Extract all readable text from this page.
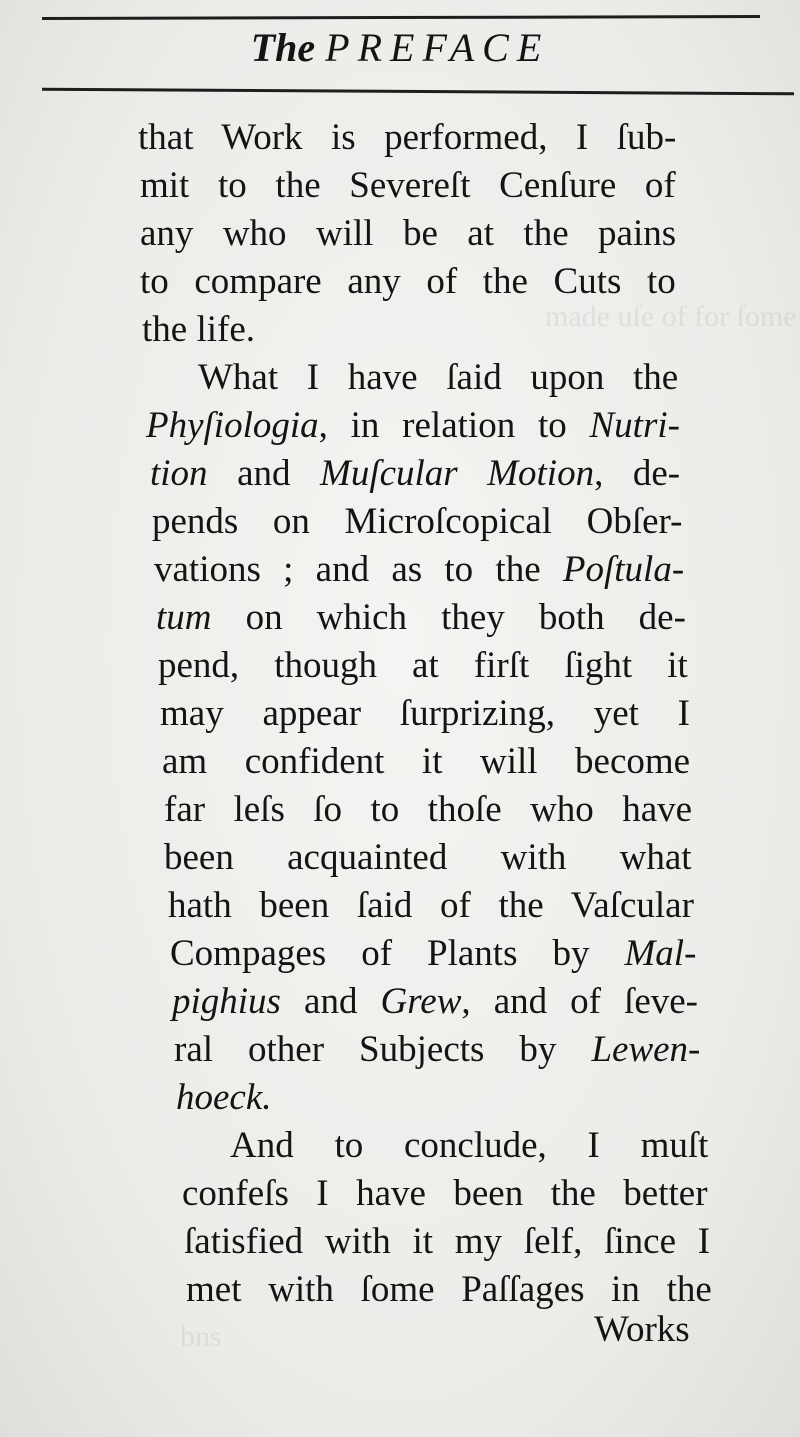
made uſe of for ſome
bns
The PREFACE
that Work is performed, I ſub-
mit to the Severeſt Cenſure of
any who will be at the pains
to compare any of the Cuts to
the life.
What I have ſaid upon the
Phyſiologia, in relation to Nutri-
tion and Muſcular Motion, de-
pends on Microſcopical Obſer-
vations ; and as to the Poſtula-
tum on which they both de-
pend, though at firſt ſight it
may appear ſurprizing, yet I
am confident it will become
far leſs ſo to thoſe who have
been acquainted with what
hath been ſaid of the Vaſcular
Compages of Plants by Mal-
pighius and Grew, and of ſeve-
ral other Subjects by Lewen-
hoeck.
And to conclude, I muſt
confeſs I have been the better
ſatisfied with it my ſelf, ſince I
met with ſome Paſſages in the
Works
